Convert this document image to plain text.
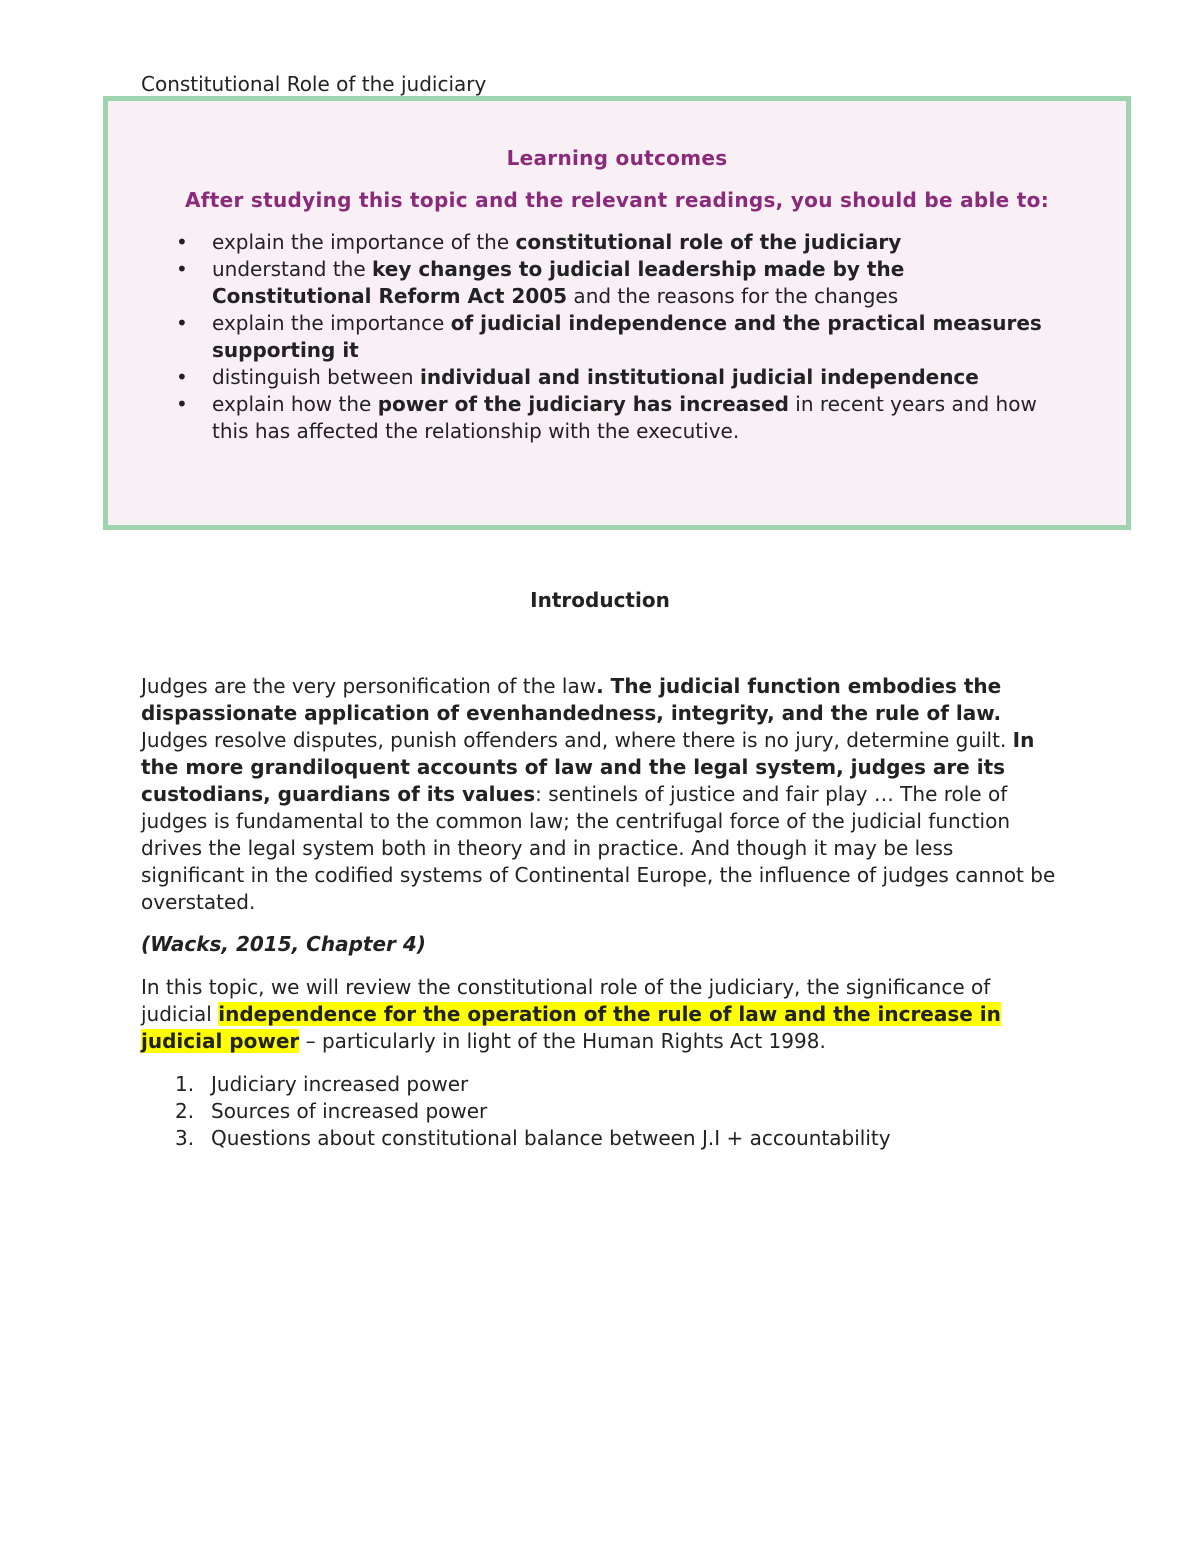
Constitutional Role of the judiciary
Learning outcomes
After studying this topic and the relevant readings, you should be able to:
• explain the importance of the constitutional role of the judiciary
• understand the key changes to judicial leadership made by the Constitutional Reform Act 2005 and the reasons for the changes
• explain the importance of judicial independence and the practical measures supporting it
• distinguish between individual and institutional judicial independence
• explain how the power of the judiciary has increased in recent years and how this has affected the relationship with the executive.
Introduction

Judges are the very personification of the law. The judicial function embodies the dispassionate application of evenhandedness, integrity, and the rule of law. Judges resolve disputes, punish offenders and, where there is no jury, determine guilt. In the more grandiloquent accounts of law and the legal system, judges are its custodians, guardians of its values: sentinels of justice and fair play … The role of judges is fundamental to the common law; the centrifugal force of the judicial function drives the legal system both in theory and in practice. And though it may be less significant in the codified systems of Continental Europe, the influence of judges cannot be overstated.

(Wacks, 2015, Chapter 4)

In this topic, we will review the constitutional role of the judiciary, the significance of judicial independence for the operation of the rule of law and the increase in judicial power – particularly in light of the Human Rights Act 1998.

1. Judiciary increased power
2. Sources of increased power
3. Questions about constitutional balance between J.I + accountability
